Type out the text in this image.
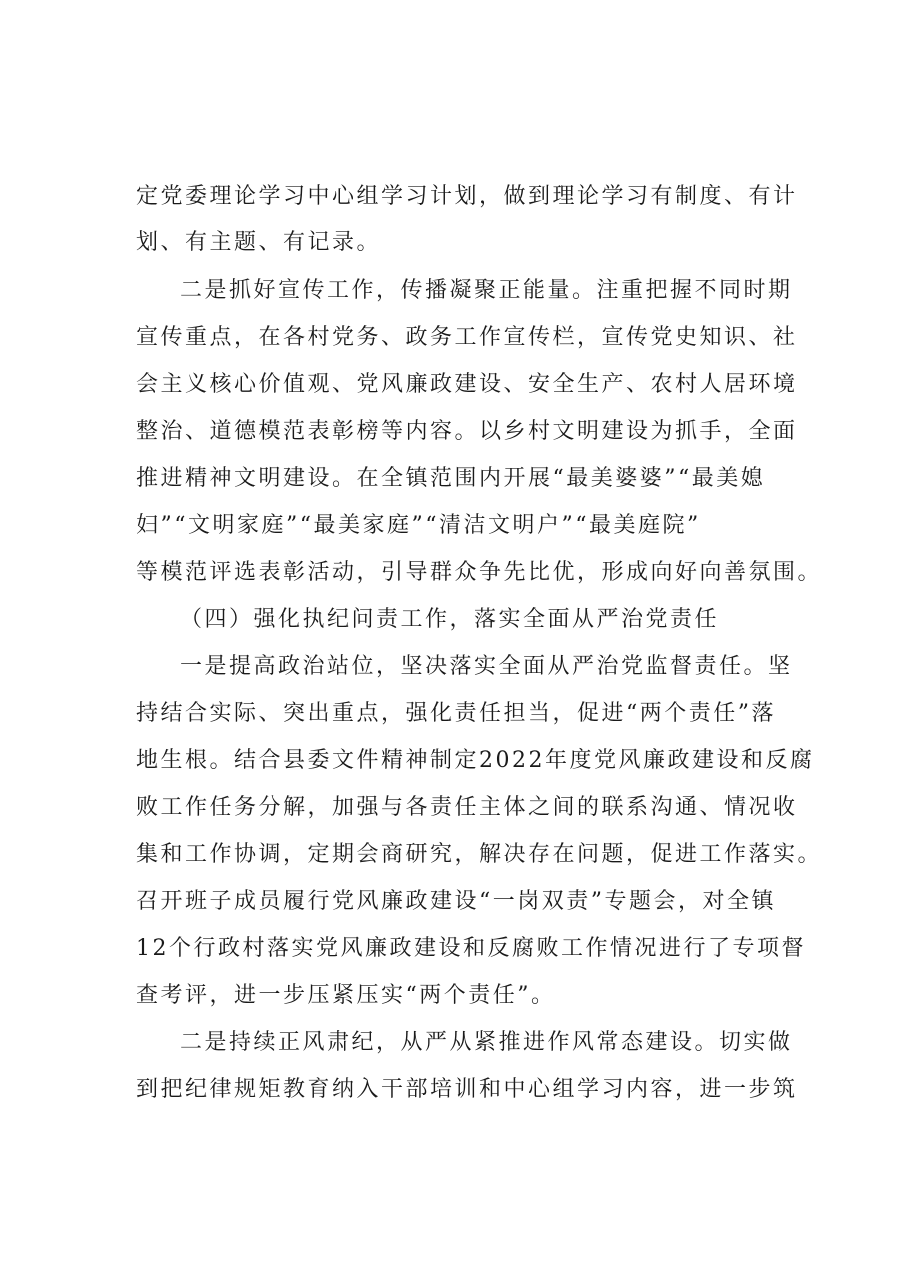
定党委理论学习中心组学习计划，做到理论学习有制度、有计
划、有主题、有记录。
二是抓好宣传工作，传播凝聚正能量。注重把握不同时期
宣传重点，在各村党务、政务工作宣传栏，宣传党史知识、社
会主义核心价值观、党风廉政建设、安全生产、农村人居环境
整治、道德模范表彰榜等内容。以乡村文明建设为抓手，全面
推进精神文明建设。在全镇范围内开展“最美婆婆”“最美媳
妇”“文明家庭”“最美家庭”“清洁文明户”“最美庭院”
等模范评选表彰活动，引导群众争先比优，形成向好向善氛围。
（四）强化执纪问责工作，落实全面从严治党责任
一是提高政治站位，坚决落实全面从严治党监督责任。坚
持结合实际、突出重点，强化责任担当，促进“两个责任”落
地生根。结合县委文件精神制定2022年度党风廉政建设和反腐
败工作任务分解，加强与各责任主体之间的联系沟通、情况收
集和工作协调，定期会商研究，解决存在问题，促进工作落实。
召开班子成员履行党风廉政建设“一岗双责”专题会，对全镇
12个行政村落实党风廉政建设和反腐败工作情况进行了专项督
查考评，进一步压紧压实“两个责任”。
二是持续正风肃纪，从严从紧推进作风常态建设。切实做
到把纪律规矩教育纳入干部培训和中心组学习内容，进一步筑
